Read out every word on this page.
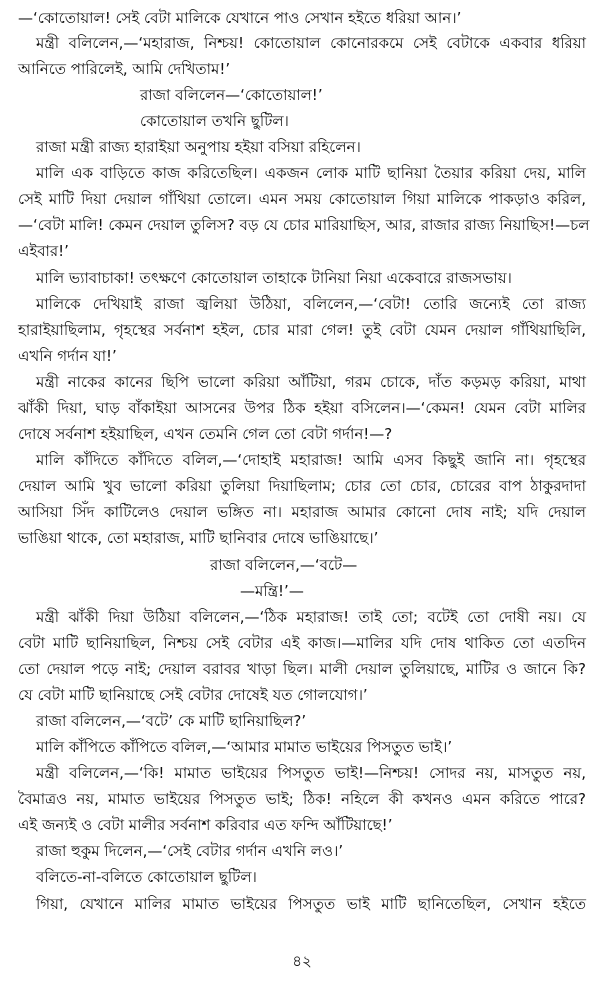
—‘কোতোয়াল! সেই বেটা মালিকে যেখানে পাও সেখান হইতে ধরিয়া আন।’
মন্ত্রী বলিলেন,—‘মহারাজ, নিশ্চয়! কোতোয়াল কোনোরকমে সেই বেটাকে একবার ধরিয়া
আনিতে পারিলেই, আমি দেখিতাম!’
রাজা বলিলেন—‘কোতোয়াল!’
কোতোয়াল তখনি ছুটিল।
রাজা মন্ত্রী রাজ্য হারাইয়া অনুপায় হইয়া বসিয়া রহিলেন।
মালি এক বাড়িতে কাজ করিতেছিল। একজন লোক মাটি ছানিয়া তৈয়ার করিয়া দেয়, মালি
সেই মাটি দিয়া দেয়াল গাঁথিয়া তোলে। এমন সময় কোতোয়াল গিয়া মালিকে পাকড়াও করিল,
—‘বেটা মালি! কেমন দেয়াল তুলিস? বড় যে চোর মারিয়াছিস, আর, রাজার রাজ্য নিয়াছিস!—চল
এইবার!’
মালি ভ্যাবাচাকা! তৎক্ষণে কোতোয়াল তাহাকে টানিয়া নিয়া একেবারে রাজসভায়।
মালিকে দেখিয়াই রাজা জ্বলিয়া উঠিয়া, বলিলেন,—‘বেটা! তোরি জন্যেই তো রাজ্য
হারাইয়াছিলাম, গৃহস্থের সর্বনাশ হইল, চোর মারা গেল! তুই বেটা যেমন দেয়াল গাঁথিয়াছিলি,
এখনি গর্দান যা!’
মন্ত্রী নাকের কানের ছিপি ভালো করিয়া আঁটিয়া, গরম চোকে, দাঁত কড়মড় করিয়া, মাথা
ঝাঁকী দিয়া, ঘাড় বাঁকাইয়া আসনের উপর ঠিক হইয়া বসিলেন।—‘কেমন! যেমন বেটা মালির
দোষে সর্বনাশ হইয়াছিল, এখন তেমনি গেল তো বেটা গর্দান!—?
মালি কাঁদিতে কাঁদিতে বলিল,—‘দোহাই মহারাজ! আমি এসব কিছুই জানি না। গৃহস্থের
দেয়াল আমি খুব ভালো করিয়া তুলিয়া দিয়াছিলাম; চোর তো চোর, চোরের বাপ ঠাকুরদাদা
আসিয়া সিঁদ কাটিলেও দেয়াল ভঙ্গিত না। মহারাজ আমার কোনো দোষ নাই; যদি দেয়াল
ভাঙিয়া থাকে, তো মহারাজ, মাটি ছানিবার দোষে ভাঙিয়াছে।’
রাজা বলিলেন,—‘বটে—
—মন্ত্রি!’—
মন্ত্রী ঝাঁকী দিয়া উঠিয়া বলিলেন,—‘ঠিক মহারাজ! তাই তো; বটেই তো দোষী নয়। যে
বেটা মাটি ছানিয়াছিল, নিশ্চয় সেই বেটার এই কাজ।—মালির যদি দোষ থাকিত তো এতদিন
তো দেয়াল পড়ে নাই; দেয়াল বরাবর খাড়া ছিল। মালী দেয়াল তুলিয়াছে, মাটির ও জানে কি?
যে বেটা মাটি ছানিয়াছে সেই বেটার দোষেই যত গোলযোগ।’
রাজা বলিলেন,—‘বটে’ কে মাটি ছানিয়াছিল?’
মালি কাঁপিতে কাঁপিতে বলিল,—‘আমার মামাত ভাইয়ের পিসতুত ভাই।’
মন্ত্রী বলিলেন,—‘কি! মামাত ভাইয়ের পিসতুত ভাই!—নিশ্চয়! সোদর নয়, মাসতুত নয়,
বৈমাত্রও নয়, মামাত ভাইয়ের পিসতুত ভাই; ঠিক! নহিলে কী কখনও এমন করিতে পারে?
এই জন্যই ও বেটা মালীর সর্বনাশ করিবার এত ফন্দি আঁটিয়াছে!’
রাজা হুকুম দিলেন,—‘সেই বেটার গর্দান এখনি লও।’
বলিতে-না-বলিতে কোতোয়াল ছুটিল।
গিয়া, যেখানে মালির মামাত ভাইয়ের পিসতুত ভাই মাটি ছানিতেছিল, সেখান হইতে
৪২
